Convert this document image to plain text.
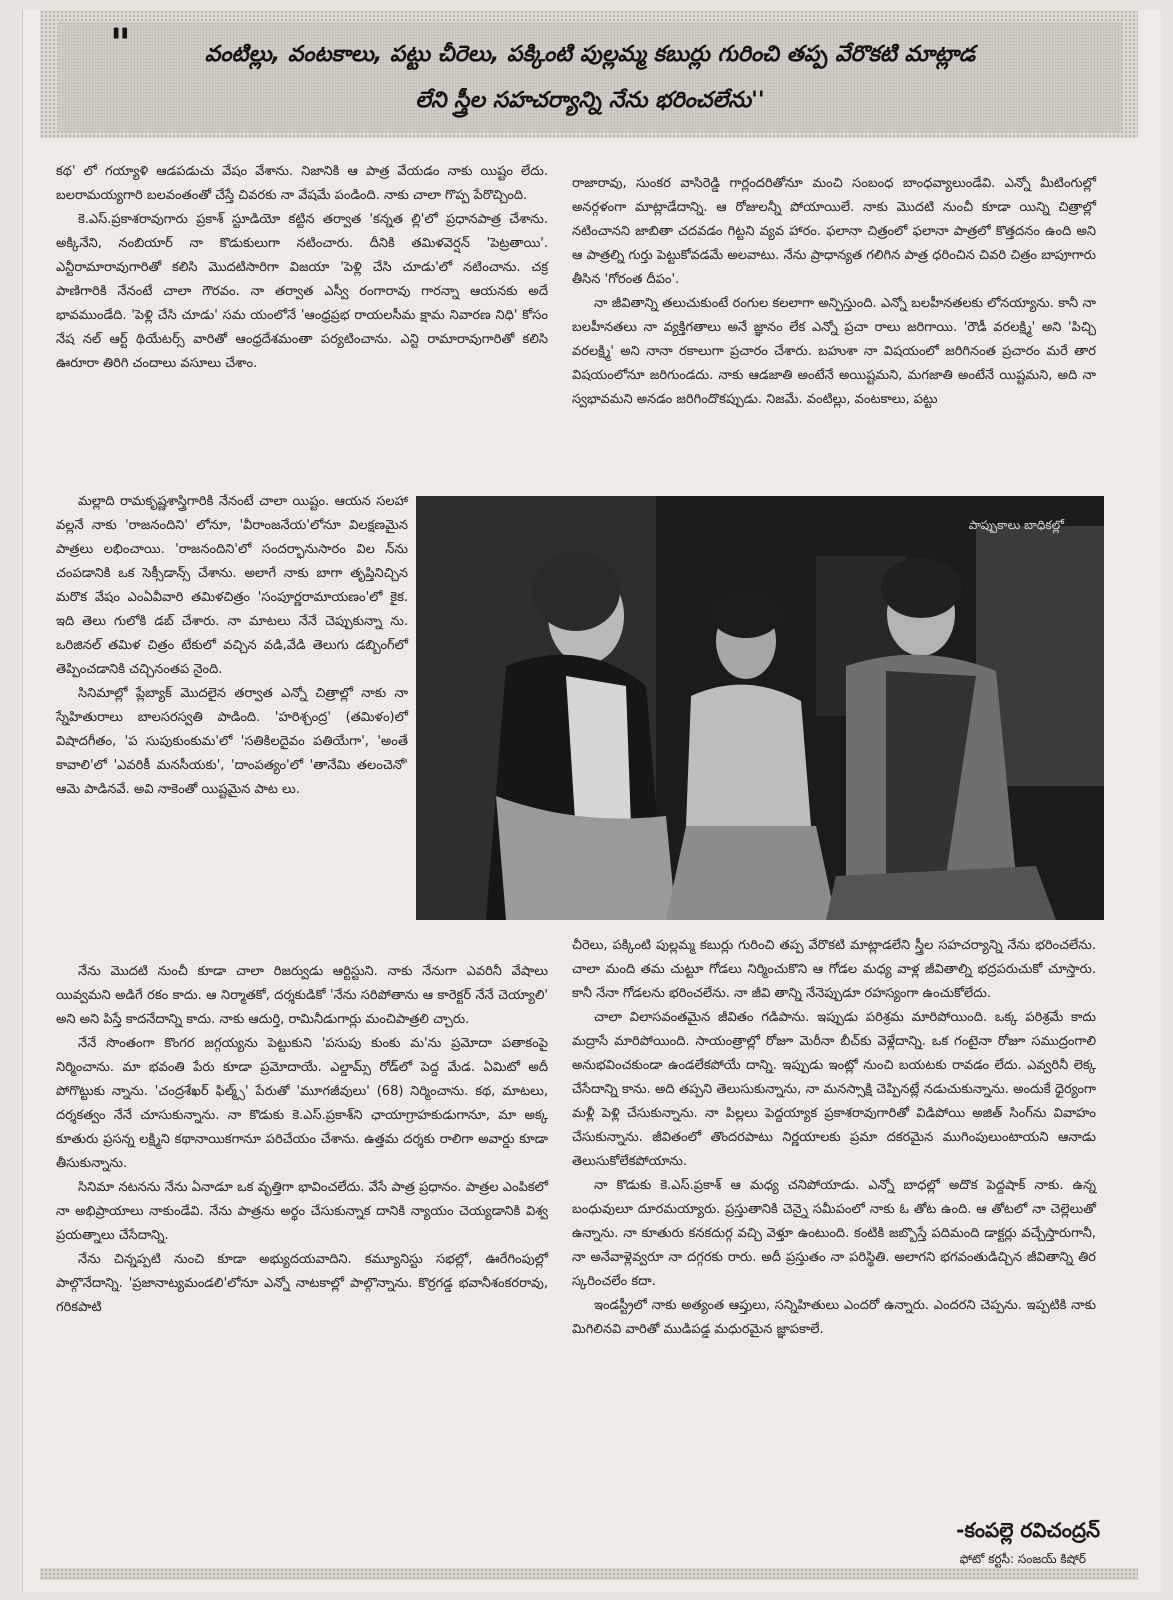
వంటిల్లు, వంటకాలు, పట్టు చీరెలు, పక్కింటి పుల్లమ్మ కబుర్లు గురించి తప్ప వేరొకటి మాట్లాడ
లేని స్త్రీల సహచర్యాన్ని నేను భరించలేను''
"

కథ' లో గయ్యాళి ఆడపడుచు వేషం వేశాను. నిజానికి ఆ పాత్ర వేయడం నాకు యిష్టం లేదు. బలరామయ్యగారి బలవంతంతో చేస్తే చివరకు నా వేషమే పండింది. నాకు చాలా గొప్ప పేరొచ్చింది.

కె.ఎస్.ప్రకాశరావుగారు ప్రకాశ్ స్టూడియో కట్టిన తర్వాత 'కన్నత ల్లి'లో ప్రధానపాత్ర చేశాను. అక్కినేని, నంబియార్ నా కొడుకులుగా నటించారు. దీనికి తమిళవెర్షన్ 'పెట్రతాయి'. ఎన్టీరామారావుగారితో కలిసి మొదటిసారిగా విజయా 'పెళ్లి చేసి చూడు'లో నటించాను. చక్ర పాణిగారికి నేనంటే చాలా గౌరవం. నా తర్వాత ఎస్వీ రంగారావు గారన్నా ఆయనకు అదే భావముండేది. 'పెళ్లి చేసి చూడు' సమ యంలోనే 'ఆంధ్రప్రభ రాయలసీమ క్షామ నివారణ నిధి' కోసం నేష నల్ ఆర్ట్ థియేటర్స్ వారితో ఆంధ్రదేశమంతా పర్యటించాను. ఎన్టి రామారావుగారితో కలిసి ఊరూరా తిరిగి చందాలు వసూలు చేశాం.

మల్లాది రామకృష్ణశాస్త్రిగారికి నేనంటే చాలా యిష్టం. ఆయన సలహా వల్లనే నాకు 'రాజనందిని' లోనూ, 'వీరాంజనేయ'లోనూ విలక్షణమైన పాత్రలు లభించాయి. 'రాజనందిని'లో సందర్భానుసారం విల న్‌ను చంపడానికి ఒక సెక్సీడాన్స్ చేశాను. అలాగే నాకు బాగా తృప్తినిచ్చిన మరొక వేషం ఎంఏవీవారి తమిళచిత్రం 'సంపూర్ణరామాయణం'లో కైక. ఇది తెలు గులోకి డబ్ చేశారు. నా మాటలు నేనే చెప్పుకున్నా ను. ఒరిజినల్ తమిళ చిత్రం టేకులో వచ్చిన వడి,వేడి తెలుగు డబ్బింగ్‌లో తెప్పించడానికి చచ్చినంతప నైంది.

సినిమాల్లో ప్లేబ్యాక్ మొదలైన తర్వాత ఎన్నో చిత్రాల్లో నాకు నా స్నేహితురాలు బాలసరస్వతి పాడింది. 'హరిశ్చంద్ర' (తమిళం)లో విషాదగీతం, 'ప సుపుకుంకుమ'లో 'సతికిలదైవం పతియేగా', 'అంతే కావాలి'లో 'ఎవరికీ మనసీయకు', 'దాంపత్యం'లో 'తానేమి తలంచెనో' ఆమె పాడినవే. అవి నాకెంతో యిష్టమైన పాట లు.

నేను మొదటి నుంచీ కూడా చాలా రిజర్వుడు ఆర్టిస్టుని. నాకు నేనుగా ఎవరినీ వేషాలు యివ్వమని అడిగే రకం కాదు. ఆ నిర్మాతకో, దర్శకుడికో 'నేను సరిపోతాను ఆ కారెక్టర్ నేనే చెయ్యాలి' అని అని పిస్తే కాదనేదాన్ని కాదు. నాకు ఆదుర్తి, రామినీడుగార్లు మంచిపాత్రలి చ్చారు.

నేనే సొంతంగా కొంగర జగ్గయ్యను పెట్టుకుని 'పసుపు కుంకు మ'ను ప్రమోదా పతాకంపై నిర్మించాను. మా భవంతి పేరు కూడా ప్రమోదాయే. ఎల్డామ్స్ రోడ్‌లో పెద్ద మేడ. ఏమిటో అదీ పోగొట్టుకు న్నాను. 'చంద్రశేఖర్ ఫిల్మ్స్' పేరుతో 'మూగజీవులు' (68) నిర్మించాను. కథ, మాటలు, దర్శకత్వం నేనే చూసుకున్నాను. నా కొడుకు కె.ఎస్.ప్రకాశ్‌ని ఛాయాగ్రాహకుడుగానూ, మా అక్క కూతురు ప్రసన్న లక్ష్మిని కథానాయికగానూ పరిచేయం చేశాను. ఉత్తమ దర్శకు రాలిగా అవార్డు కూడా తీసుకున్నాను.

సినిమా నటనను నేను ఏనాడూ ఒక వృత్తిగా భావించలేదు. వేసే పాత్ర ప్రధానం. పాత్రల ఎంపికలో నా అభిప్రాయాలు నాకుండేవి. నేను పాత్రను అర్థం చేసుకున్నాక దానికి న్యాయం చెయ్యడానికి విశ్వ ప్రయత్నాలు చేసేదాన్ని.

నేను చిన్నప్పటి నుంచి కూడా అభ్యుదయవాదిని. కమ్యూనిస్టు సభల్లో, ఊరేగింపుల్లో పాల్గొనేదాన్ని. 'ప్రజానాట్యమండలి'లోనూ ఎన్నో నాటకాల్లో పాల్గొన్నాను. కొర్రగడ్డ భవానీశంకరరావు, గరికపాటి

రాజారావు, సుంకర వాసిరెడ్డి గార్లందరితోనూ మంచి సంబంధ బాంధవ్యాలుండేవి. ఎన్నో మీటింగుల్లో అనర్గళంగా మాట్లాడేదాన్ని. ఆ రోజులన్నీ పోయాయిలే. నాకు మొదటి నుంచీ కూడా యిన్ని చిత్రాల్లో నటించానని జాబితా చదవడం గిట్టని వ్యవ హారం. ఫలానా చిత్రంలో ఫలానా పాత్రలో కొత్తదనం ఉంది అని ఆ పాత్రల్ని గుర్తు పెట్టుకోవడమే అలవాటు. నేను ప్రాధాన్యత గలిగిన పాత్ర ధరించిన చివరి చిత్రం బాపూగారు తీసిన 'గోరంత దీపం'.

నా జీవితాన్ని తలుచుకుంటే రంగుల కలలాగా అన్పిస్తుంది. ఎన్నో బలహీనతలకు లోనయ్యాను. కానీ నా బలహీనతలు నా వ్యక్తిగతాలు అనే జ్ఞానం లేక ఎన్నో ప్రచా రాలు జరిగాయి. 'రౌడీ వరలక్ష్మి' అని 'పిచ్చి వరలక్ష్మి' అని నానా రకాలుగా ప్రచారం చేశారు. బహుశా నా విషయంలో జరిగినంత ప్రచారం మరే తార విషయంలోనూ జరిగుండదు. నాకు ఆడజాతి అంటేనే అయిష్టమని, మగజాతి అంటేనే యిష్టమని, అది నా స్వభావమని అనడం జరిగిందొకప్పుడు. నిజమే. వంటిల్లు, వంటకాలు, పట్టు

పాప్పుకాలు బాధికల్లో

చీరెలు, పక్కింటి పుల్లమ్మ కబుర్లు గురించి తప్ప వేరొకటి మాట్లాడలేని స్త్రీల సహచర్యాన్ని నేను భరించలేను. చాలా మంది తమ చుట్టూ గోడలు నిర్మించుకొని ఆ గోడల మధ్య వాళ్ల జీవితాల్ని భద్రపరుచుకో చూస్తారు. కానీ నేనా గోడలను భరించలేను. నా జీవి తాన్ని నేనెప్పుడూ రహస్యంగా ఉంచుకోలేదు.

చాలా విలాసవంతమైన జీవితం గడిపాను. ఇప్పుడు పరిశ్రమ మారిపోయింది. ఒక్క పరిశ్రమే కాదు మద్రాసే మారిపోయింది. సాయంత్రాల్లో రోజూ మెరీనా బీచ్‌కు వెళ్లేదాన్ని. ఒక గంటైనా రోజూ సముద్రంగాలి అనుభవించకుండా ఉండలేకపోయే దాన్ని. ఇప్పుడు ఇంట్లో నుంచి బయటకు రావడం లేదు. ఎవ్వరినీ లెక్క చేసేదాన్ని కాను. అది తప్పని తెలుసుకున్నాను, నా మనస్సాక్షి చెప్పినట్లే నడుచుకున్నాను. అందుకే ధైర్యంగా మళ్లీ పెళ్లి చేసుకున్నాను. నా పిల్లలు పెద్దయ్యాక ప్రకాశరావుగారితో విడిపోయి అజిత్ సింగ్‌ను వివాహం చేసుకున్నాను. జీవితంలో తొందరపాటు నిర్ణయాలకు ప్రమా దకరమైన ముగింపులుంటాయని ఆనాడు తెలుసుకోలేకపోయాను.

నా కొడుకు కె.ఎస్.ప్రకాశ్ ఆ మధ్య చనిపోయాడు. ఎన్నో బాధల్లో అదొక పెద్దషాక్ నాకు. ఉన్న బంధువులూ దూరమయ్యారు. ప్రస్తుతానికి చెన్నై సమీపంలో నాకు ఓ తోట ఉంది. ఆ తోటలో నా చెల్లెలుతో ఉన్నాను. నా కూతురు కనకదుర్గ వచ్చి వెళ్తూ ఉంటుంది. కంటికి జబ్బొస్తే పదిమంది డాక్టర్లు వచ్చేస్తారుగానీ, నా అనేవాళ్లెవ్వరూ నా దగ్గరకు రారు. అదీ ప్రస్తుతం నా పరిస్థితి. అలాగని భగవంతుడిచ్చిన జీవితాన్ని తిర స్కరించలేం కదా.

ఇండస్ట్రీలో నాకు అత్యంత ఆప్తులు, సన్నిహితులు ఎందరో ఉన్నారు. ఎందరని చెప్పను. ఇప్పటికి నాకు మిగిలినవి వారితో ముడిపడ్డ మధురమైన జ్ఞాపకాలే.

-కంపల్లె రవిచంద్రన్
ఫోటో కర్టసీ: సంజయ్ కిషోర్
